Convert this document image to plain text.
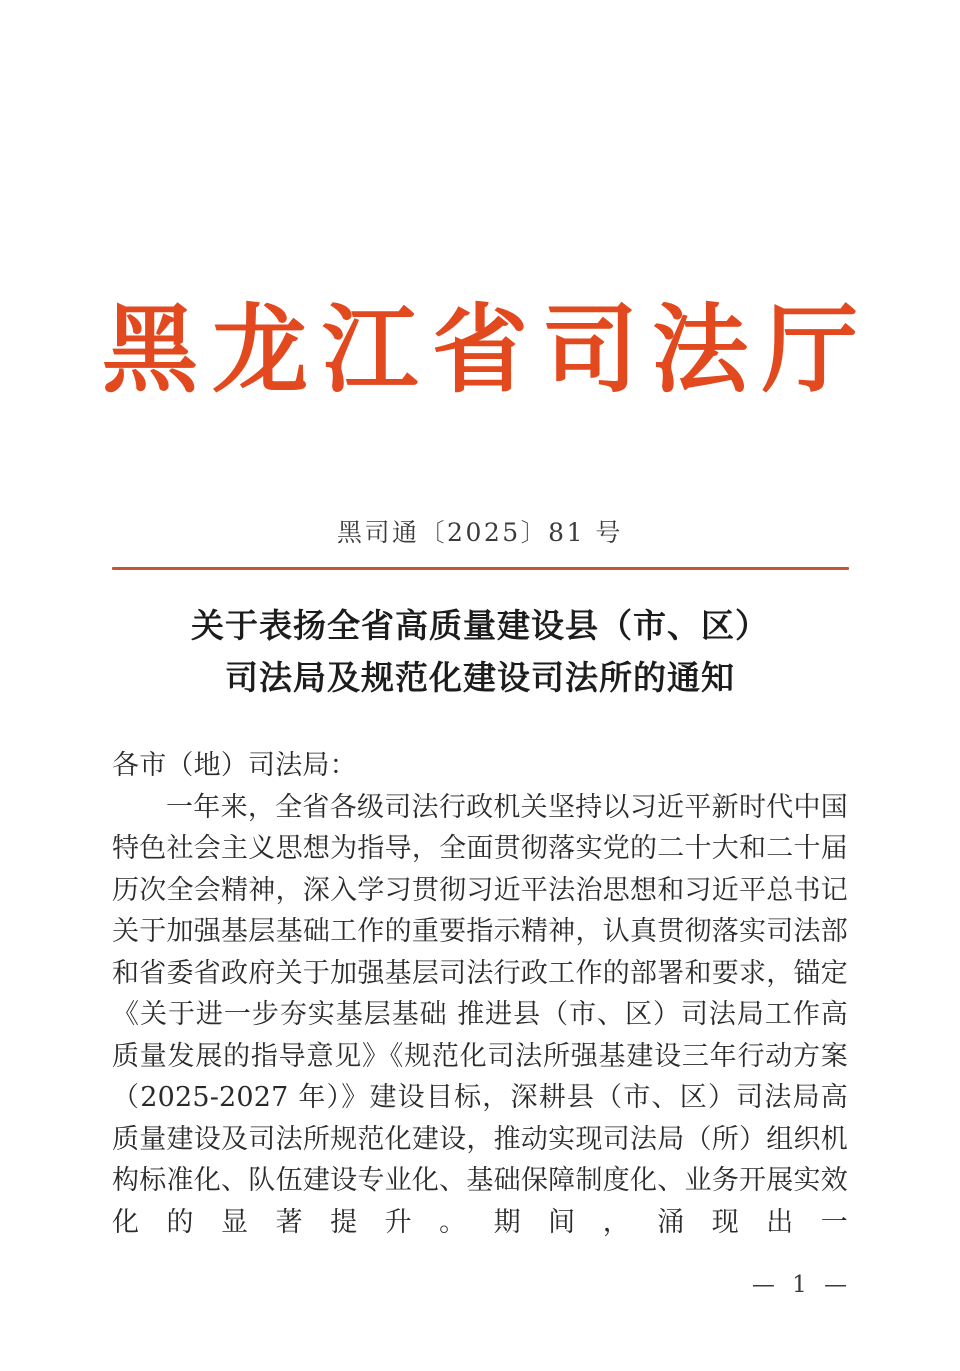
黑龙江省司法厅
黑司通〔2025〕81 号
关于表扬全省高质量建设县（市、区）
司法局及规范化建设司法所的通知
各市（地）司法局：

一年来，全省各级司法行政机关坚持以习近平新时代中国特色社会主义思想为指导，全面贯彻落实党的二十大和二十届历次全会精神，深入学习贯彻习近平法治思想和习近平总书记关于加强基层基础工作的重要指示精神，认真贯彻落实司法部和省委省政府关于加强基层司法行政工作的部署和要求，锚定《关于进一步夯实基层基础 推进县（市、区）司法局工作高质量发展的指导意见》《规范化司法所强基建设三年行动方案（2025-2027 年）》建设目标，深耕县（市、区）司法局高质量建设及司法所规范化建设，推动实现司法局（所）组织机构标准化、队伍建设专业化、基础保障制度化、业务开展实效化的显著提升。期间，涌现出一

— 1 —
